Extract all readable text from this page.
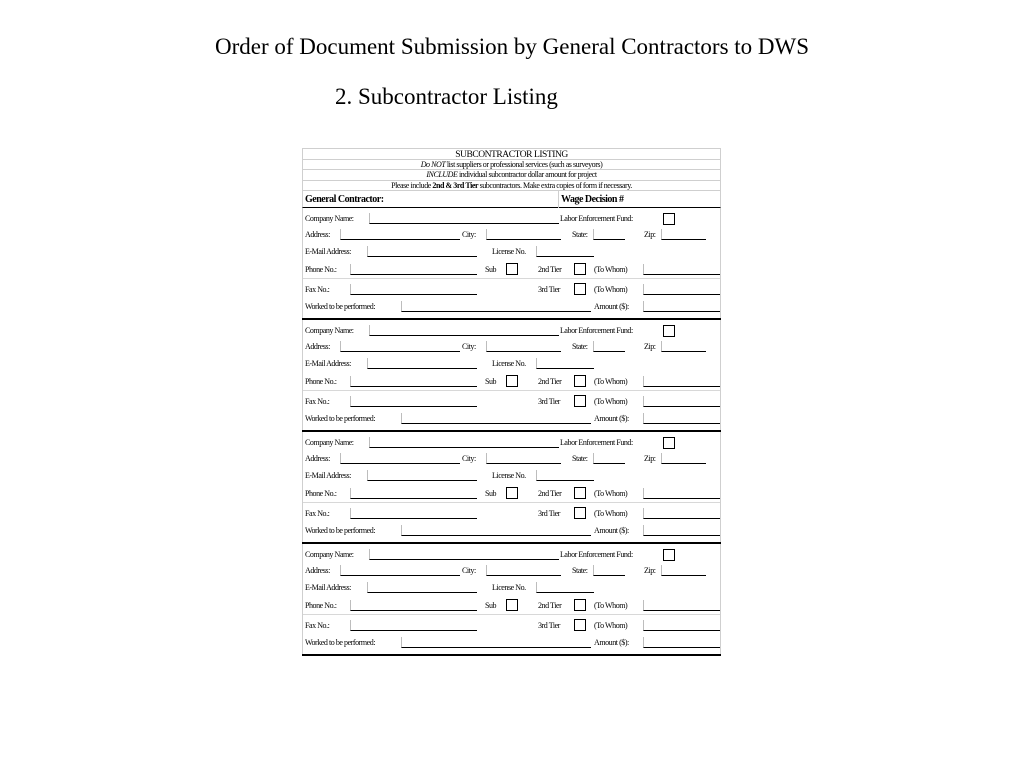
Order of Document Submission by General Contractors to DWS
2. Subcontractor Listing
SUBCONTRACTOR LISTING
Do NOT list suppliers or professional services (such as surveyors)
INCLUDE individual subcontractor dollar amount for project
Please include 2nd & 3rd Tier subcontractors. Make extra copies of form if necessary.
General Contractor:	Wage Decision #
Company Name:	Labor Enforcement Fund:
Address:	City:	State:	Zip:
E-Mail Address:	License No.
Phone No.:	Sub	2nd Tier	(To Whom)
Fax No.:	3rd Tier	(To Whom)
Worked to be performed:	Amount ($):
Company Name:	Labor Enforcement Fund:
Address:	City:	State:	Zip:
E-Mail Address:	License No.
Phone No.:	Sub	2nd Tier	(To Whom)
Fax No.:	3rd Tier	(To Whom)
Worked to be performed:	Amount ($):
Company Name:	Labor Enforcement Fund:
Address:	City:	State:	Zip:
E-Mail Address:	License No.
Phone No.:	Sub	2nd Tier	(To Whom)
Fax No.:	3rd Tier	(To Whom)
Worked to be performed:	Amount ($):
Company Name:	Labor Enforcement Fund:
Address:	City:	State:	Zip:
E-Mail Address:	License No.
Phone No.:	Sub	2nd Tier	(To Whom)
Fax No.:	3rd Tier	(To Whom)
Worked to be performed:	Amount ($):
